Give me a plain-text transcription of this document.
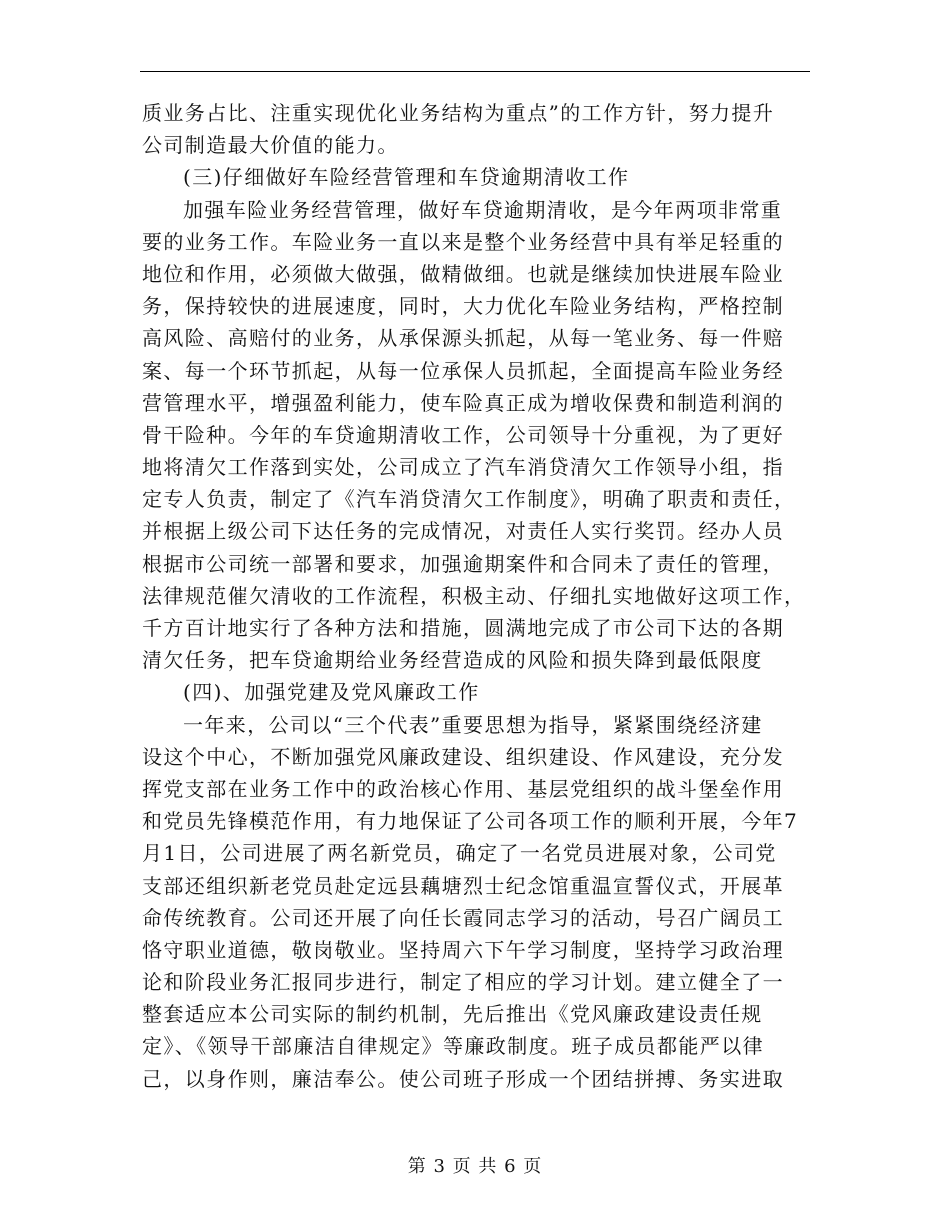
质业务占比、注重实现优化业务结构为重点”的工作方针，努力提升
公司制造最大价值的能力。
(三)仔细做好车险经营管理和车贷逾期清收工作
加强车险业务经营管理，做好车贷逾期清收，是今年两项非常重
要的业务工作。车险业务一直以来是整个业务经营中具有举足轻重的
地位和作用，必须做大做强，做精做细。也就是继续加快进展车险业
务，保持较快的进展速度，同时，大力优化车险业务结构，严格控制
高风险、高赔付的业务，从承保源头抓起，从每一笔业务、每一件赔
案、每一个环节抓起，从每一位承保人员抓起，全面提高车险业务经
营管理水平，增强盈利能力，使车险真正成为增收保费和制造利润的
骨干险种。今年的车贷逾期清收工作，公司领导十分重视，为了更好
地将清欠工作落到实处，公司成立了汽车消贷清欠工作领导小组，指
定专人负责，制定了《汽车消贷清欠工作制度》，明确了职责和责任，
并根据上级公司下达任务的完成情况，对责任人实行奖罚。经办人员
根据市公司统一部署和要求，加强逾期案件和合同未了责任的管理，
法律规范催欠清收的工作流程，积极主动、仔细扎实地做好这项工作，
千方百计地实行了各种方法和措施，圆满地完成了市公司下达的各期
清欠任务，把车贷逾期给业务经营造成的风险和损失降到最低限度
(四)、加强党建及党风廉政工作
一年来，公司以“三个代表”重要思想为指导，紧紧围绕经济建
设这个中心，不断加强党风廉政建设、组织建设、作风建设，充分发
挥党支部在业务工作中的政治核心作用、基层党组织的战斗堡垒作用
和党员先锋模范作用，有力地保证了公司各项工作的顺利开展，今年7
月1日，公司进展了两名新党员，确定了一名党员进展对象，公司党
支部还组织新老党员赴定远县藕塘烈士纪念馆重温宣誓仪式，开展革
命传统教育。公司还开展了向任长霞同志学习的活动，号召广阔员工
恪守职业道德，敬岗敬业。坚持周六下午学习制度，坚持学习政治理
论和阶段业务汇报同步进行，制定了相应的学习计划。建立健全了一
整套适应本公司实际的制约机制，先后推出《党风廉政建设责任规
定》、《领导干部廉洁自律规定》等廉政制度。班子成员都能严以律
己，以身作则，廉洁奉公。使公司班子形成一个团结拼搏、务实进取
第 3 页 共 6 页
